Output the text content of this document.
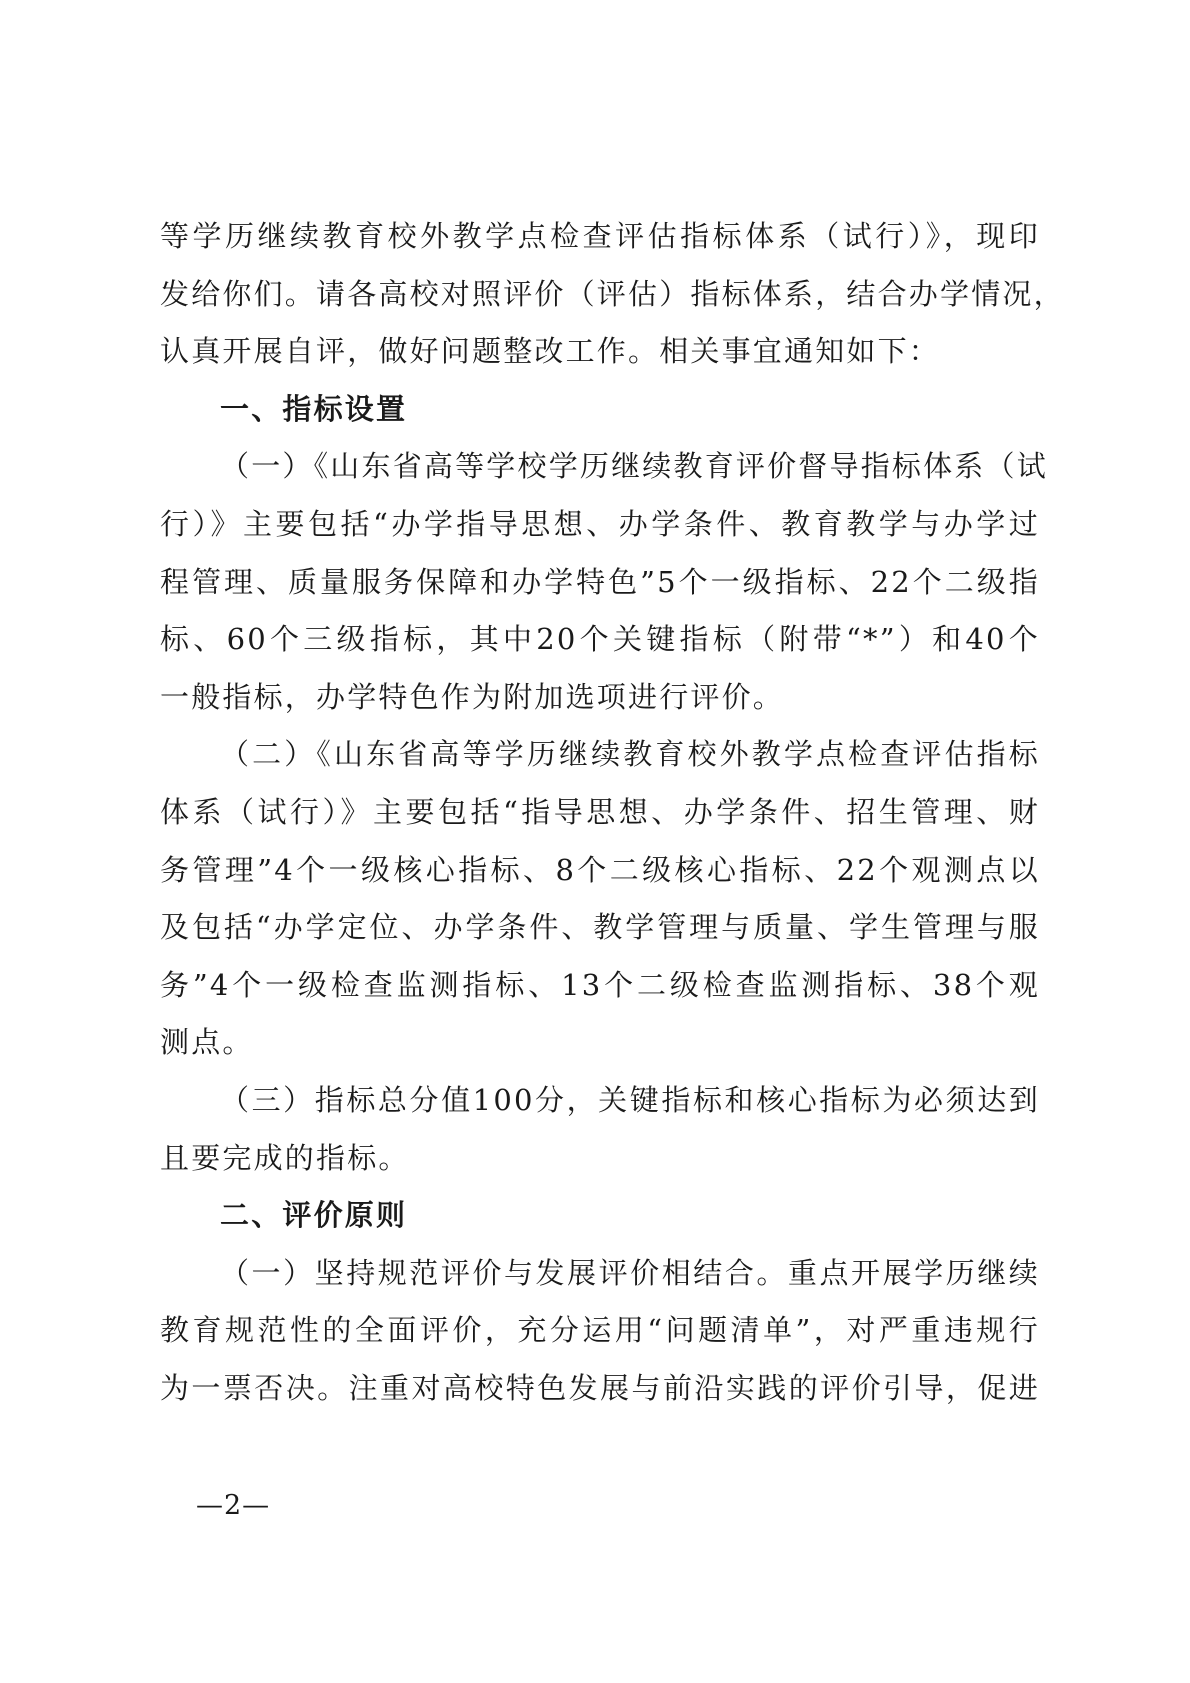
等学历继续教育校外教学点检查评估指标体系（试行）》，现印
发给你们。请各高校对照评价（评估）指标体系，结合办学情况，
认真开展自评，做好问题整改工作。相关事宜通知如下：
一、指标设置
（一）《山东省高等学校学历继续教育评价督导指标体系（试
行）》主要包括“办学指导思想、办学条件、教育教学与办学过
程管理、质量服务保障和办学特色”5个一级指标、22个二级指
标、60个三级指标，其中20个关键指标（附带“*”）和40个
一般指标，办学特色作为附加选项进行评价。
（二）《山东省高等学历继续教育校外教学点检查评估指标
体系（试行）》主要包括“指导思想、办学条件、招生管理、财
务管理”4个一级核心指标、8个二级核心指标、22个观测点以
及包括“办学定位、办学条件、教学管理与质量、学生管理与服
务”4个一级检查监测指标、13个二级检查监测指标、38个观
测点。
（三）指标总分值100分，关键指标和核心指标为必须达到
且要完成的指标。
二、评价原则
（一）坚持规范评价与发展评价相结合。重点开展学历继续
教育规范性的全面评价，充分运用“问题清单”，对严重违规行
为一票否决。注重对高校特色发展与前沿实践的评价引导，促进
—2—
